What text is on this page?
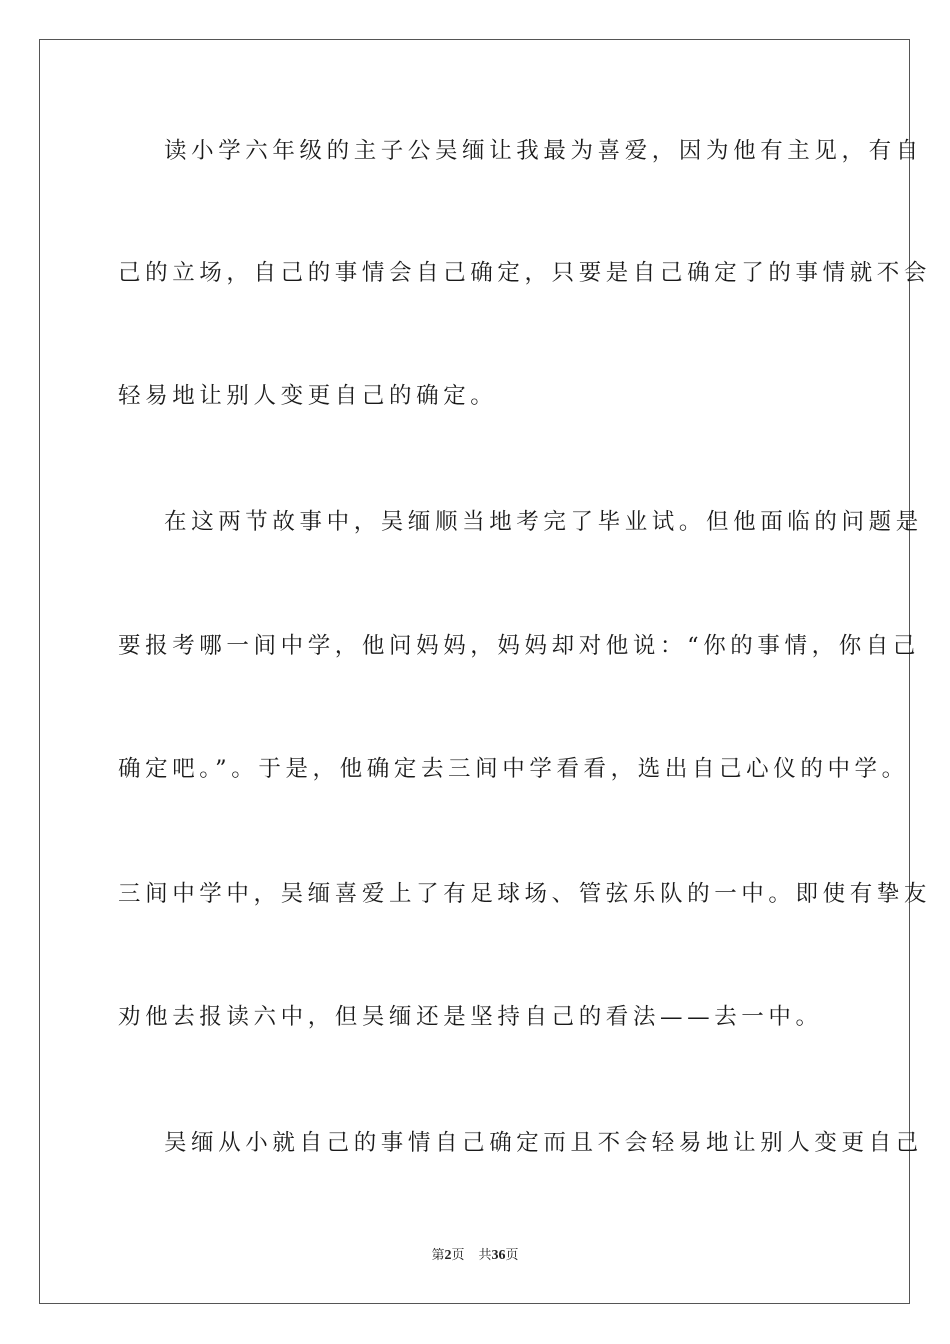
读小学六年级的主子公吴缅让我最为喜爱，因为他有主见，有自
己的立场，自己的事情会自己确定，只要是自己确定了的事情就不会
轻易地让别人变更自己的确定。
在这两节故事中，吴缅顺当地考完了毕业试。但他面临的问题是
要报考哪一间中学，他问妈妈，妈妈却对他说：“你的事情，你自己
确定吧。”。于是，他确定去三间中学看看，选出自己心仪的中学。
三间中学中，吴缅喜爱上了有足球场、管弦乐队的一中。即使有挚友
劝他去报读六中，但吴缅还是坚持自己的看法——去一中。
吴缅从小就自己的事情自己确定而且不会轻易地让别人变更自己
第2页 共36页
